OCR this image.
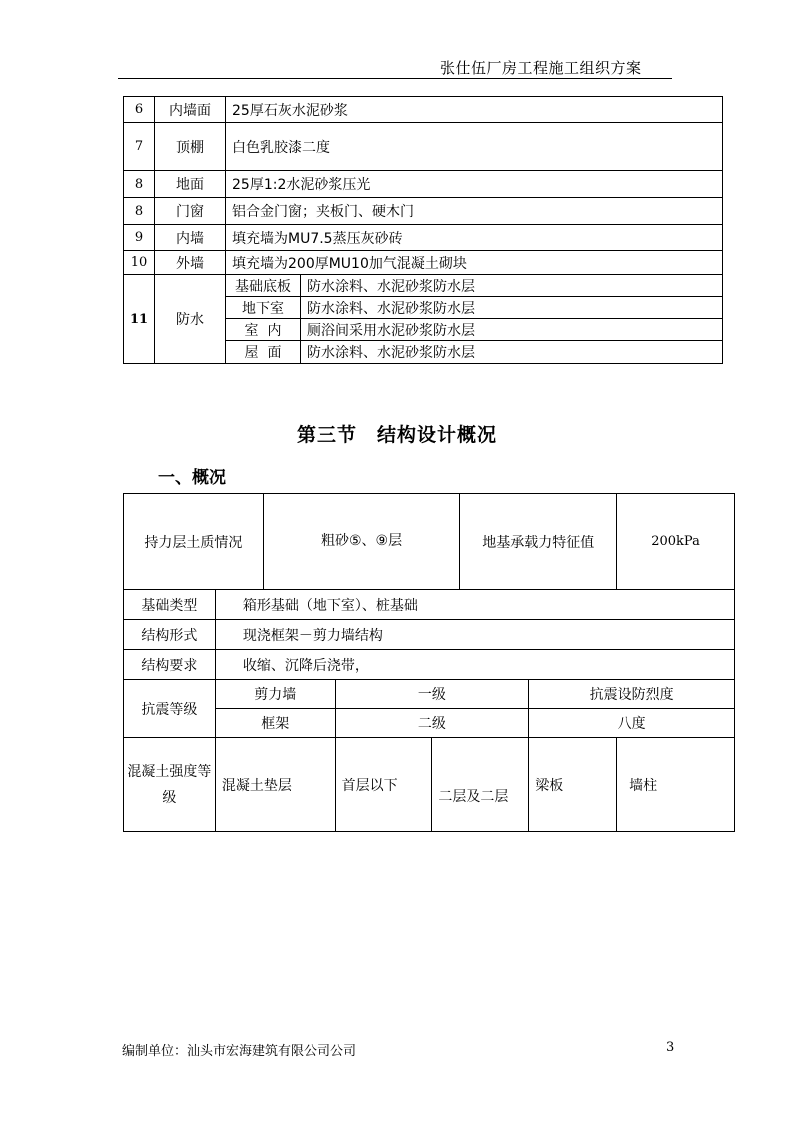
张仕伍厂房工程施工组织方案
6	内墙面	25厚石灰水泥砂浆	
7	顶棚	白色乳胶漆二度	
8	地面	25厚1:2水泥砂浆压光	
8	门窗	铝合金门窗；夹板门、硬木门	
9	内墙	填充墙为MU7.5蒸压灰砂砖	
10	外墙	填充墙为200厚MU10加气混凝土砌块	
11	防水	基础底板	防水涂料、水泥砂浆防水层
		地下室	防水涂料、水泥砂浆防水层
		室  内	厕浴间采用水泥砂浆防水层
		屋  面	防水涂料、水泥砂浆防水层
第三节　结构设计概况
一、概况
持力层土质情况		粗砂⑤、⑨层			地基承载力特征值		200kPa
基础类型	箱形基础（地下室）、桩基础						
结构形式	现浇框架－剪力墙结构						
结构要求	收缩、沉降后浇带，						
抗震等级	剪力墙		一级			抗震设防烈度	
	框架		二级			八度	
混凝土强度等级	混凝土垫层		首层以下	二层及二层		梁板	墙柱
编制单位：汕头市宏海建筑有限公司公司	3
